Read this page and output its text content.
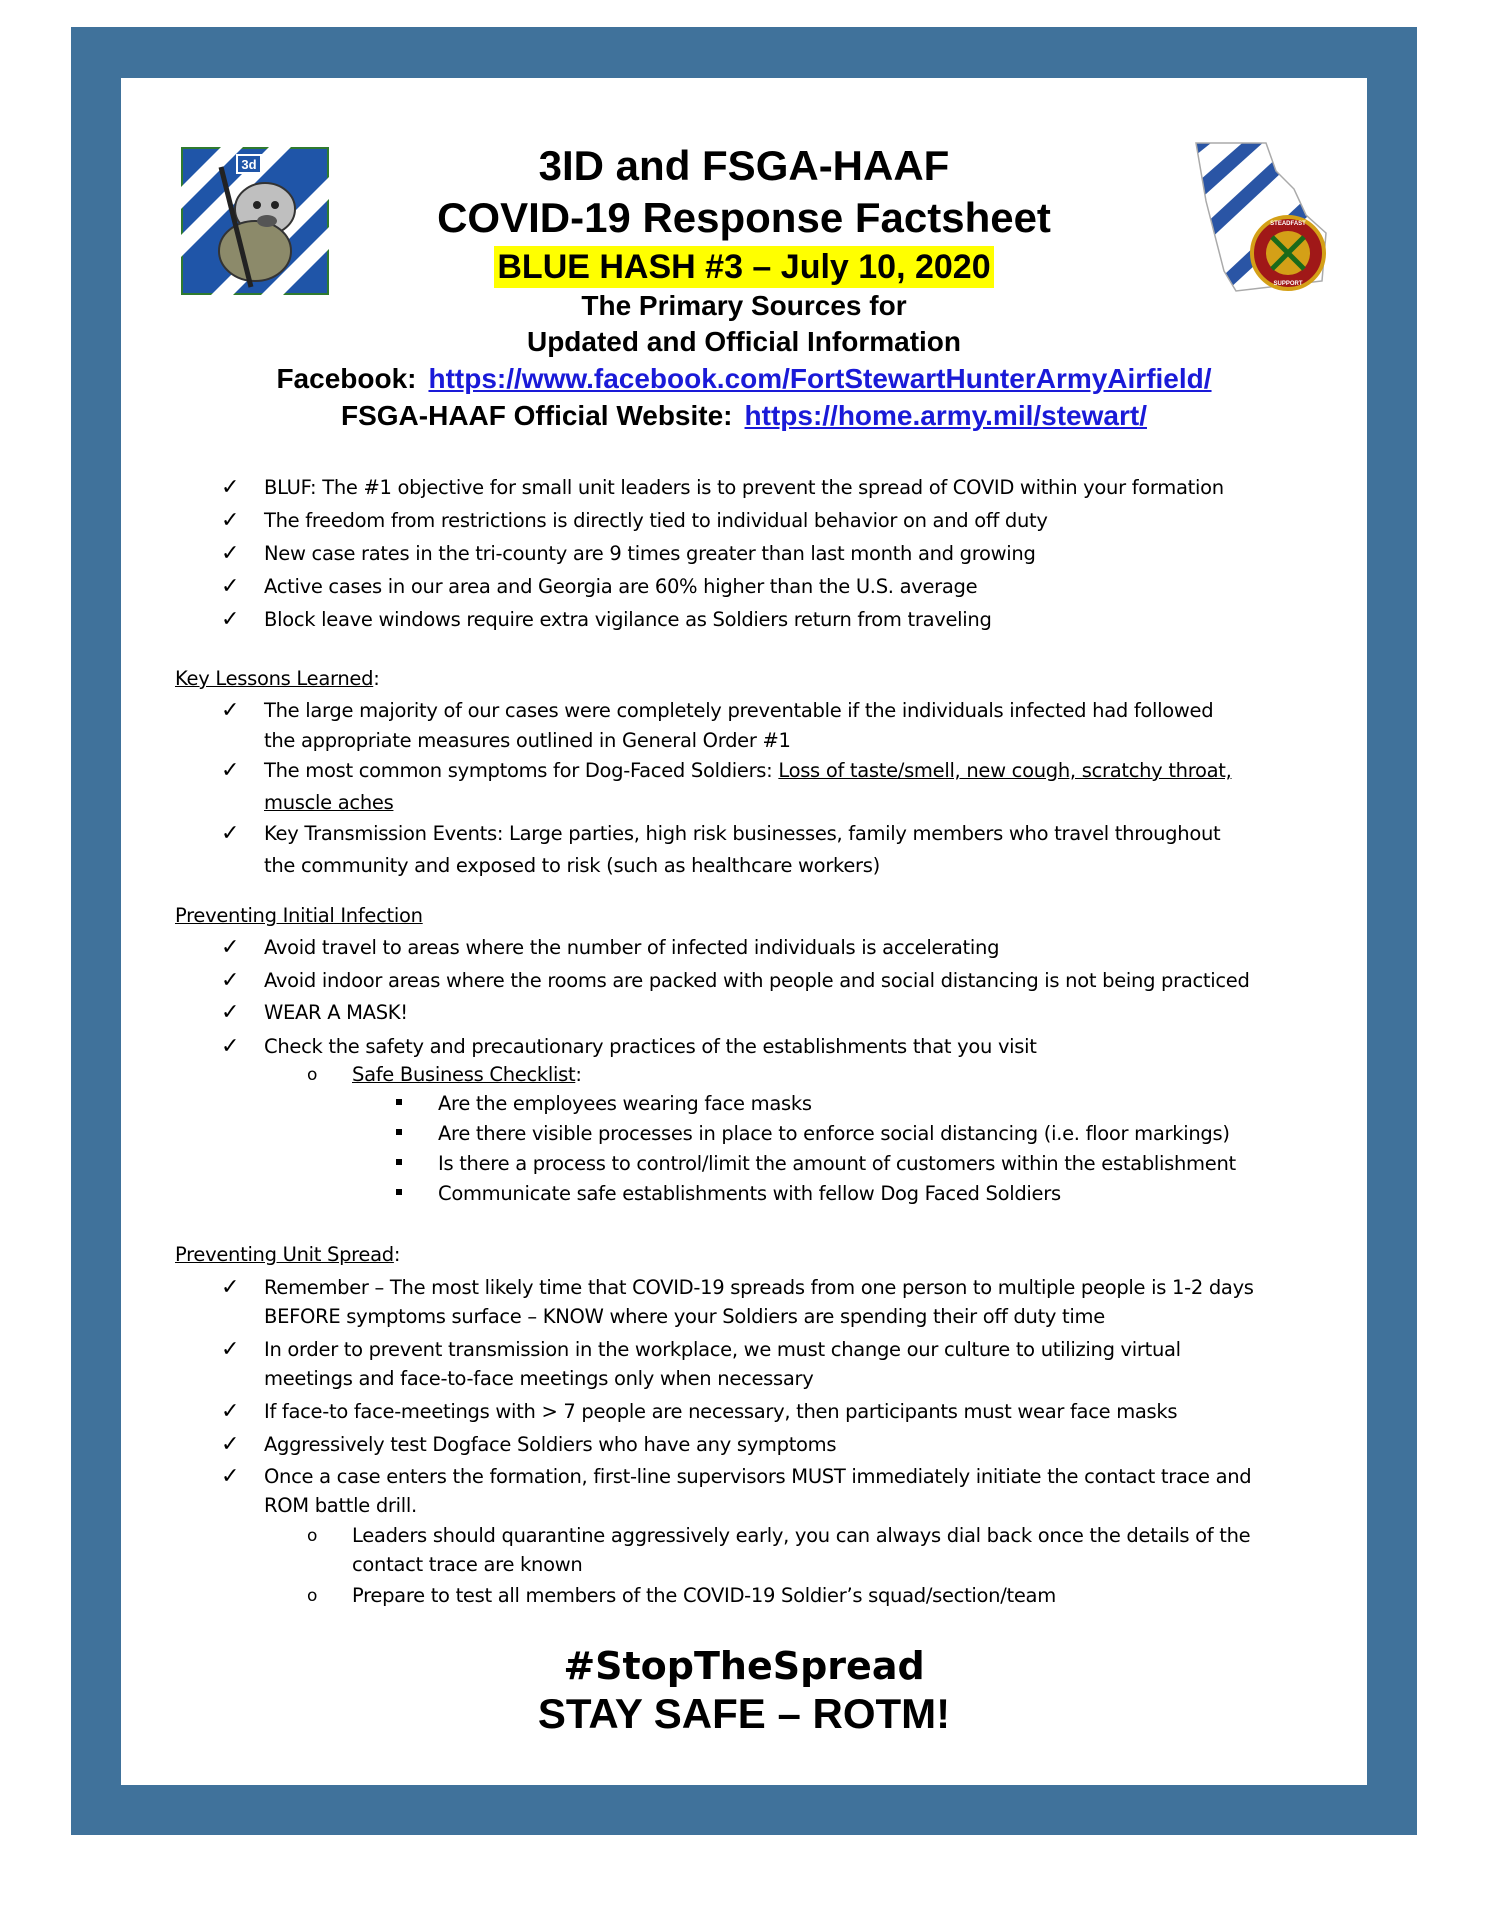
3d
STEADFAST
SUPPORT
3ID and FSGA-HAAF
COVID-19 Response Factsheet
BLUE HASH #3 – July 10, 2020
The Primary Sources for
Updated and Official Information
Facebook: https://www.facebook.com/FortStewartHunterArmyAirfield/
FSGA-HAAF Official Website: https://home.army.mil/stewart/
✓ BLUF: The #1 objective for small unit leaders is to prevent the spread of COVID within your formation
✓ The freedom from restrictions is directly tied to individual behavior on and off duty
✓ New case rates in the tri-county are 9 times greater than last month and growing
✓ Active cases in our area and Georgia are 60% higher than the U.S. average
✓ Block leave windows require extra vigilance as Soldiers return from traveling
Key Lessons Learned:
✓ The large majority of our cases were completely preventable if the individuals infected had followed
the appropriate measures outlined in General Order #1
✓ The most common symptoms for Dog-Faced Soldiers: Loss of taste/smell, new cough, scratchy throat,
muscle aches
✓ Key Transmission Events: Large parties, high risk businesses, family members who travel throughout
the community and exposed to risk (such as healthcare workers)
Preventing Initial Infection
✓ Avoid travel to areas where the number of infected individuals is accelerating
✓ Avoid indoor areas where the rooms are packed with people and social distancing is not being practiced
✓ WEAR A MASK!
✓ Check the safety and precautionary practices of the establishments that you visit
o Safe Business Checklist:
Are the employees wearing face masks
Are there visible processes in place to enforce social distancing (i.e. floor markings)
Is there a process to control/limit the amount of customers within the establishment
Communicate safe establishments with fellow Dog Faced Soldiers
Preventing Unit Spread:
✓ Remember – The most likely time that COVID-19 spreads from one person to multiple people is 1-2 days
BEFORE symptoms surface – KNOW where your Soldiers are spending their off duty time
✓ In order to prevent transmission in the workplace, we must change our culture to utilizing virtual
meetings and face-to-face meetings only when necessary
✓ If face-to face-meetings with > 7 people are necessary, then participants must wear face masks
✓ Aggressively test Dogface Soldiers who have any symptoms
✓ Once a case enters the formation, first-line supervisors MUST immediately initiate the contact trace and
ROM battle drill.
o Leaders should quarantine aggressively early, you can always dial back once the details of the
contact trace are known
o Prepare to test all members of the COVID-19 Soldier’s squad/section/team
#StopTheSpread
STAY SAFE – ROTM!
